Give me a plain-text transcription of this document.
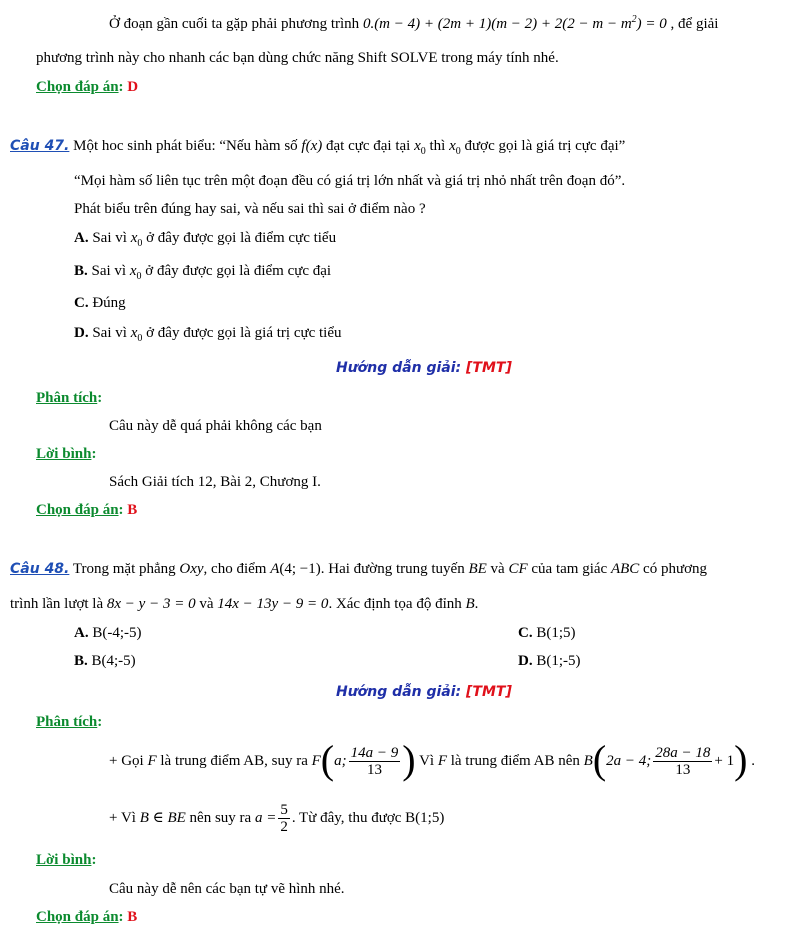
Ở đoạn gần cuối ta gặp phải phương trình $0.(m - 4) + (2m + 1)(m - 2) + 2(2 - m - m^2) = 0$ , để giải
phương trình này cho nhanh các bạn dùng chức năng Shift SOLVE trong máy tính nhé.
Chọn đáp án: D
Câu 47. Một hoc sinh phát biểu: “Nếu hàm số f(x) đạt cực đại tại $x_0$ thì $x_0$ được gọi là giá trị cực đại”
“Mọi hàm số liên tục trên một đoạn đều có giá trị lớn nhất và giá trị nhỏ nhất trên đoạn đó”.
Phát biểu trên đúng hay sai, và nếu sai thì sai ở điểm nào ?
A. Sai vì $x_0$ ở đây được gọi là điểm cực tiểu
B. Sai vì $x_0$ ở đây được gọi là điểm cực đại
C. Đúng
D. Sai vì $x_0$ ở đây được gọi là giá trị cực tiểu
Hướng dẫn giải: [TMT]
Phân tích:
Câu này dễ quá phải không các bạn
Lời bình:
Sách Giải tích 12, Bài 2, Chương I.
Chọn đáp án: B
Câu 48. Trong mặt phẳng Oxy, cho điểm A(4; −1). Hai đường trung tuyến BE và CF của tam giác ABC có phương
trình lần lượt là 8x − y − 3 = 0 và 14x − 13y − 9 = 0. Xác định tọa độ đỉnh B.
A. B(-4;-5)	C. B(1;5)
B. B(4;-5)	D. B(1;-5)
Hướng dẫn giải: [TMT]
Phân tích:
+ Gọi F là trung điểm AB, suy ra F(a; $\frac{14a - 9}{13}$ ) Vì F là trung điểm AB nên B(2a − 4; $\frac{28a - 18}{13} + 1$) .
+ Vì B ∈ BE nên suy ra $a = \frac{5}{2}$ . Từ đây, thu được B(1;5)
Lời bình:
Câu này dễ nên các bạn tự vẽ hình nhé.
Chọn đáp án: B
